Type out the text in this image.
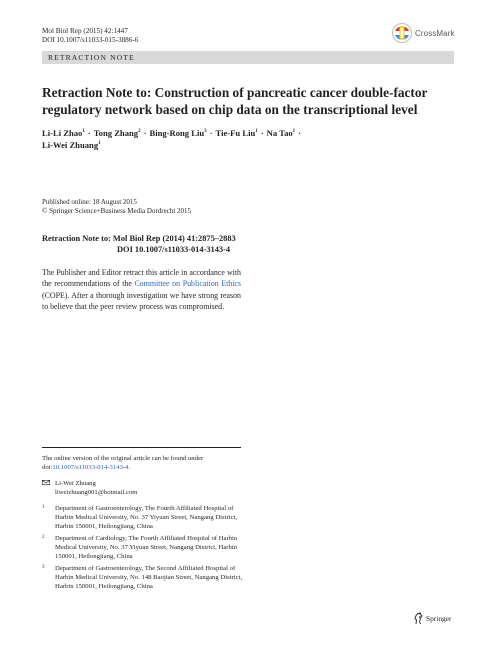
Mol Biol Rep (2015) 42:1447
DOI 10.1007/s11033-015-3886-6
CrossMark
RETRACTION NOTE
Retraction Note to: Construction of pancreatic cancer double-factor regulatory network based on chip data on the transcriptional level
Li-Li Zhao$^1$ · Tong Zhang$^2$ · Bing-Rong Liu$^3$ · Tie-Fu Liu$^1$ · Na Tao$^1$ ·
Li-Wei Zhuang$^1$
Published online: 18 August 2015
© Springer Science+Business Media Dordrecht 2015
Retraction Note to: Mol Biol Rep (2014) 41:2875–2883
DOI 10.1007/s11033-014-3143-4
The Publisher and Editor retract this article in accordance with the recommendations of the Committee on Publication Ethics (COPE). After a thorough investigation we have strong reason to believe that the peer review process was compromised.
The online version of the original article can be found under doi:10.1007/s11033-014-3143-4.
Li-Wei Zhuang
liweizhuang001@hotmail.com
1 Department of Gastroenterology, The Fourth Affiliated Hospital of Harbin Medical University, No. 37 Yiyuan Street, Nangang District, Harbin 150001, Heilongjiang, China
2 Department of Cardiology, The Fourth Affiliated Hospital of Harbin Medical University, No. 37 Yiyuan Street, Nangang District, Harbin 150001, Heilongjiang, China
3 Department of Gastroenterology, The Second Affiliated Hospital of Harbin Medical University, No. 148 Baojian Street, Nangang District, Harbin 150001, Heilongjiang, China
Springer
